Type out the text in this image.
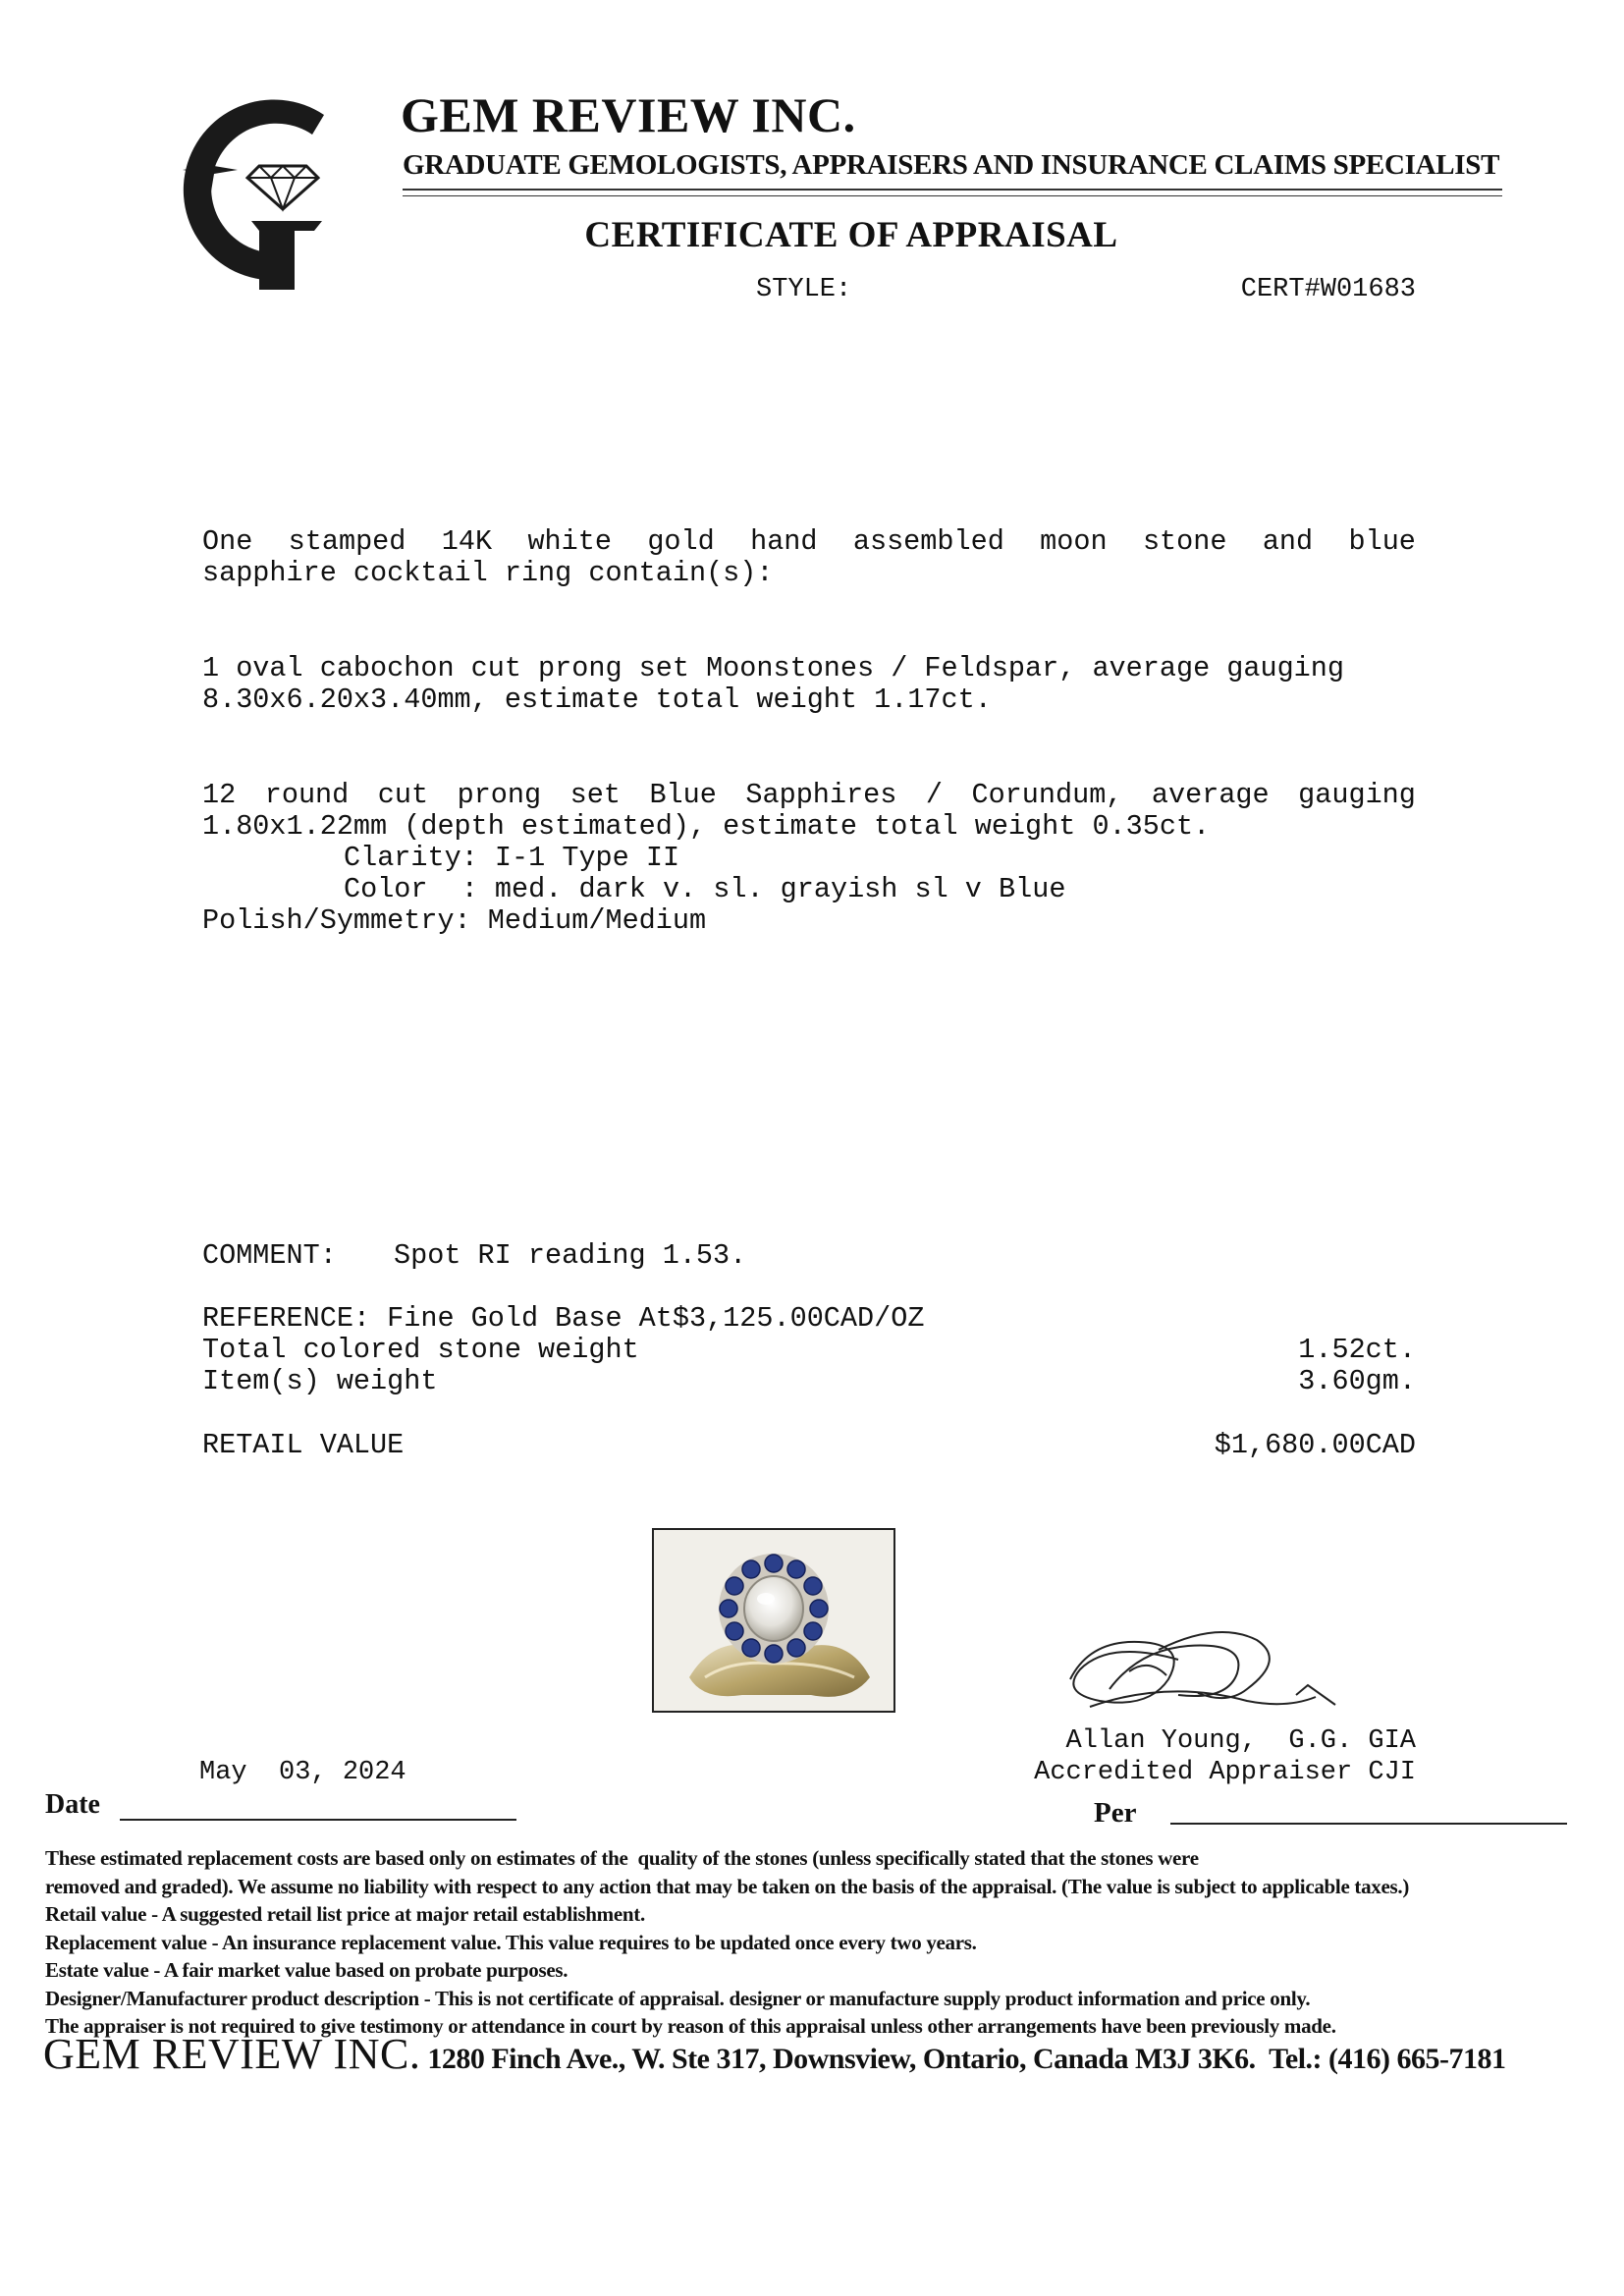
GEM REVIEW INC.
GRADUATE GEMOLOGISTS, APPRAISERS AND INSURANCE CLAIMS SPECIALIST
CERTIFICATE OF APPRAISAL
STYLE:	CERT#W01683
One stamped 14K white gold hand assembled moon stone and blue
sapphire cocktail ring contain(s):
1 oval cabochon cut prong set Moonstones / Feldspar, average gauging
8.30x6.20x3.40mm, estimate total weight 1.17ct.
12 round cut prong set Blue Sapphires / Corundum, average gauging
1.80x1.22mm (depth estimated), estimate total weight 0.35ct.
Clarity: I-1 Type II
Color  : med. dark v. sl. grayish sl v Blue
Polish/Symmetry: Medium/Medium
COMMENT: Spot RI reading 1.53.
REFERENCE: Fine Gold Base At$3,125.00CAD/OZ
Total colored stone weight	1.52ct.
Item(s) weight	3.60gm.
RETAIL VALUE	$1,680.00CAD
Allan Young,  G.G. GIA
Accredited Appraiser CJI
May  03, 2024
Date	Per
These estimated replacement costs are based only on estimates of the  quality of the stones (unless specifically stated that the stones were
removed and graded). We assume no liability with respect to any action that may be taken on the basis of the appraisal. (The value is subject to applicable taxes.)
Retail value - A suggested retail list price at major retail establishment.
Replacement value - An insurance replacement value. This value requires to be updated once every two years.
Estate value - A fair market value based on probate purposes.
Designer/Manufacturer product description - This is not certificate of appraisal. designer or manufacture supply product information and price only.
The appraiser is not required to give testimony or attendance in court by reason of this appraisal unless other arrangements have been previously made.
GEM REVIEW INC. 1280 Finch Ave., W. Ste 317, Downsview, Ontario, Canada M3J 3K6.  Tel.: (416) 665-7181
